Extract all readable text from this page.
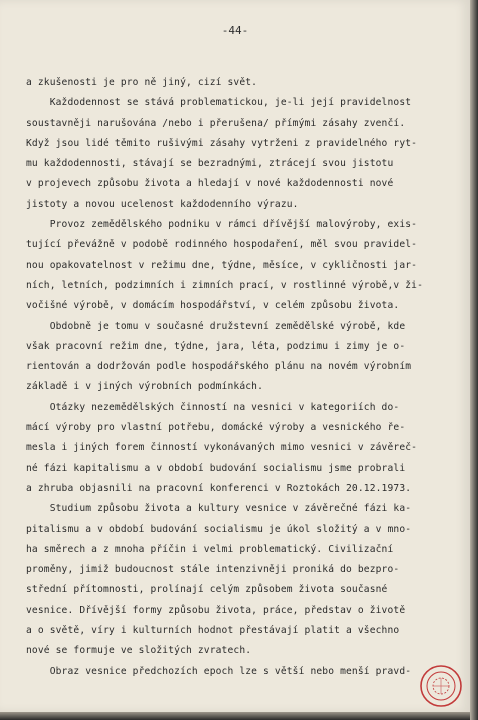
-44-
a zkušenosti je pro ně jiný, cizí svět.
Každodennost se stává problematickou, je-li její pravidelnost
soustavněji narušována /nebo i přerušena/ přímými zásahy zvenčí.
Když jsou lidé těmito rušivými zásahy vytrženi z pravidelného ryt-
mu každodennosti, stávají se bezradnými, ztrácejí svou jistotu
v projevech způsobu života a hledají v nové každodennosti nové
jistoty a novou ucelenost každodenního výrazu.
Provoz zemědělského podniku v rámci dřívější malovýroby, exis-
tující převážně v podobě rodinného hospodaření, měl svou pravidel-
nou opakovatelnost v režimu dne, týdne, měsíce, v cykličnosti jar-
ních, letních, podzimních i zimních prací, v rostlinné výrobě,v ži-
vočišné výrobě, v domácím hospodářství, v celém způsobu života.
Obdobně je tomu v současné družstevní zemědělské výrobě, kde
však pracovní režim dne, týdne, jara, léta, podzimu i zimy je o-
rientován a dodržován podle hospodářského plánu na novém výrobním
základě i v jiných výrobních podmínkách.
Otázky nezemědělských činností na vesnici v kategoriích do-
mácí výroby pro vlastní potřebu, domácké výroby a vesnického ře-
mesla i jiných forem činností vykonávaných mimo vesnici v závěreč-
né fázi kapitalismu a v období budování socialismu jsme probrali
a zhruba objasnili na pracovní konferenci v Roztokách 20.12.1973.
Studium způsobu života a kultury vesnice v závěrečné fázi ka-
pitalismu a v období budování socialismu je úkol složitý a v mno-
ha směrech a z mnoha příčin i velmi problematický. Civilizační
proměny, jimiž budoucnost stále intenzivněji proniká do bezpro-
střední přítomnosti, prolínají celým způsobem života současné
vesnice. Dřívější formy způsobu života, práce, představ o životě
a o světě, víry i kulturních hodnot přestávají platit a všechno
nové se formuje ve složitých zvratech.
Obraz vesnice předchozích epoch lze s větší nebo menší pravd-
